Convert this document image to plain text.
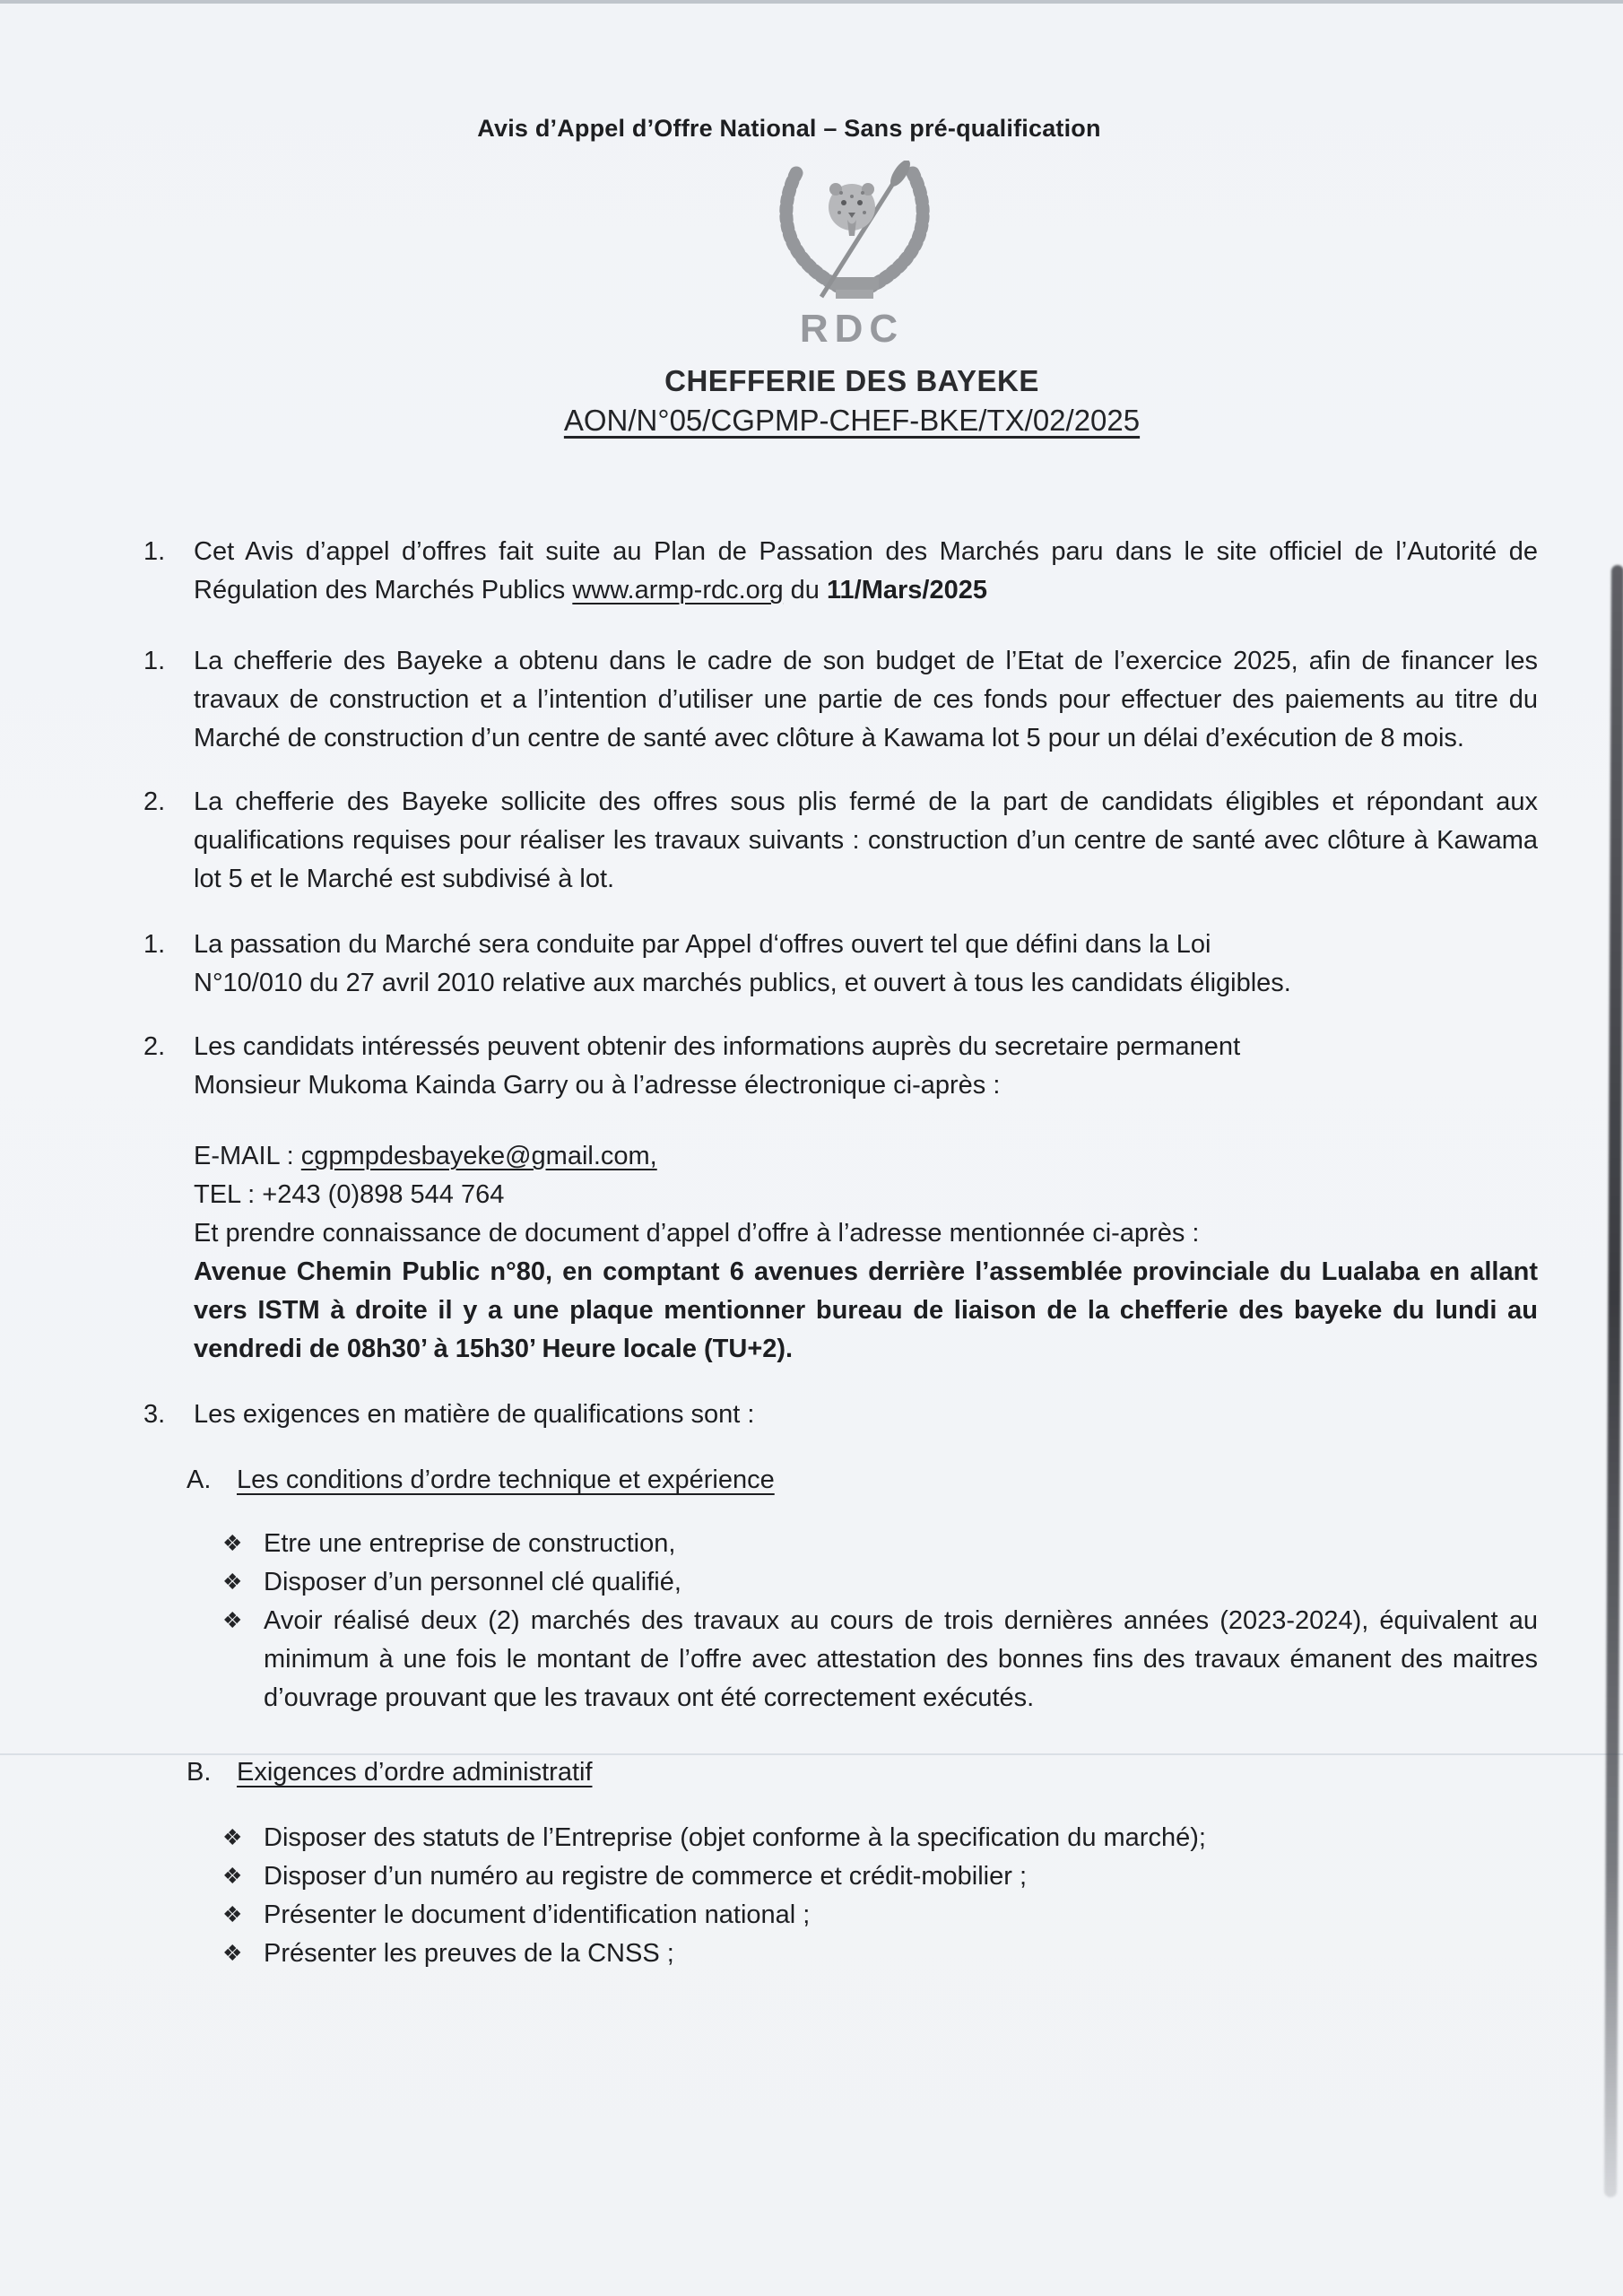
Avis d’Appel d’Offre National – Sans pré-qualification
RDC
CHEFFERIE DES BAYEKE
AON/N°05/CGPMP-CHEF-BKE/TX/02/2025
1.	Cet Avis d’appel d’offres fait suite au Plan de Passation des Marchés paru dans le site officiel de l’Autorité de Régulation des Marchés Publics www.armp-rdc.org du 11/Mars/2025
1.	La chefferie des Bayeke a obtenu dans le cadre de son budget de l’Etat de l’exercice 2025, afin de financer les travaux de construction et a l’intention d’utiliser une partie de ces fonds pour effectuer des paiements au titre du Marché de construction d’un centre de santé avec clôture à Kawama lot 5 pour un délai d’exécution de 8 mois.
2.	La chefferie des Bayeke sollicite des offres sous plis fermé de la part de candidats éligibles et répondant aux qualifications requises pour réaliser les travaux suivants : construction d’un centre de santé avec clôture à Kawama lot 5 et le Marché est subdivisé à lot.
1.	La passation du Marché sera conduite par Appel d‘offres ouvert tel que défini dans la Loi
N°10/010 du 27 avril 2010 relative aux marchés publics, et ouvert à tous les candidats éligibles.
2.	Les candidats intéressés peuvent obtenir des informations auprès du secretaire permanent
Monsieur Mukoma Kainda Garry ou à l’adresse électronique ci-après :
E-MAIL : cgpmpdesbayeke@gmail.com,
TEL : +243 (0)898 544 764
Et prendre connaissance de document d’appel d’offre à l’adresse mentionnée ci-après :
Avenue Chemin Public n°80, en comptant 6 avenues derrière l’assemblée provinciale du Lualaba en allant vers ISTM à droite il y a une plaque mentionner bureau de liaison de la chefferie des bayeke du lundi au vendredi de 08h30’ à 15h30’ Heure locale (TU+2).
3.	Les exigences en matière de qualifications sont :
A. Les conditions d’ordre technique et expérience
❖ Etre une entreprise de construction,
❖ Disposer d’un personnel clé qualifié,
❖ Avoir réalisé deux (2) marchés des travaux au cours de trois dernières années (2023-2024), équivalent au minimum à une fois le montant de l’offre avec attestation des bonnes fins des travaux émanent des maitres d’ouvrage prouvant que les travaux ont été correctement exécutés.
B. Exigences d’ordre administratif
❖ Disposer des statuts de l’Entreprise (objet conforme à la specification du marché);
❖ Disposer d’un numéro au registre de commerce et crédit-mobilier ;
❖ Présenter le document d’identification national ;
❖ Présenter les preuves de la CNSS ;
